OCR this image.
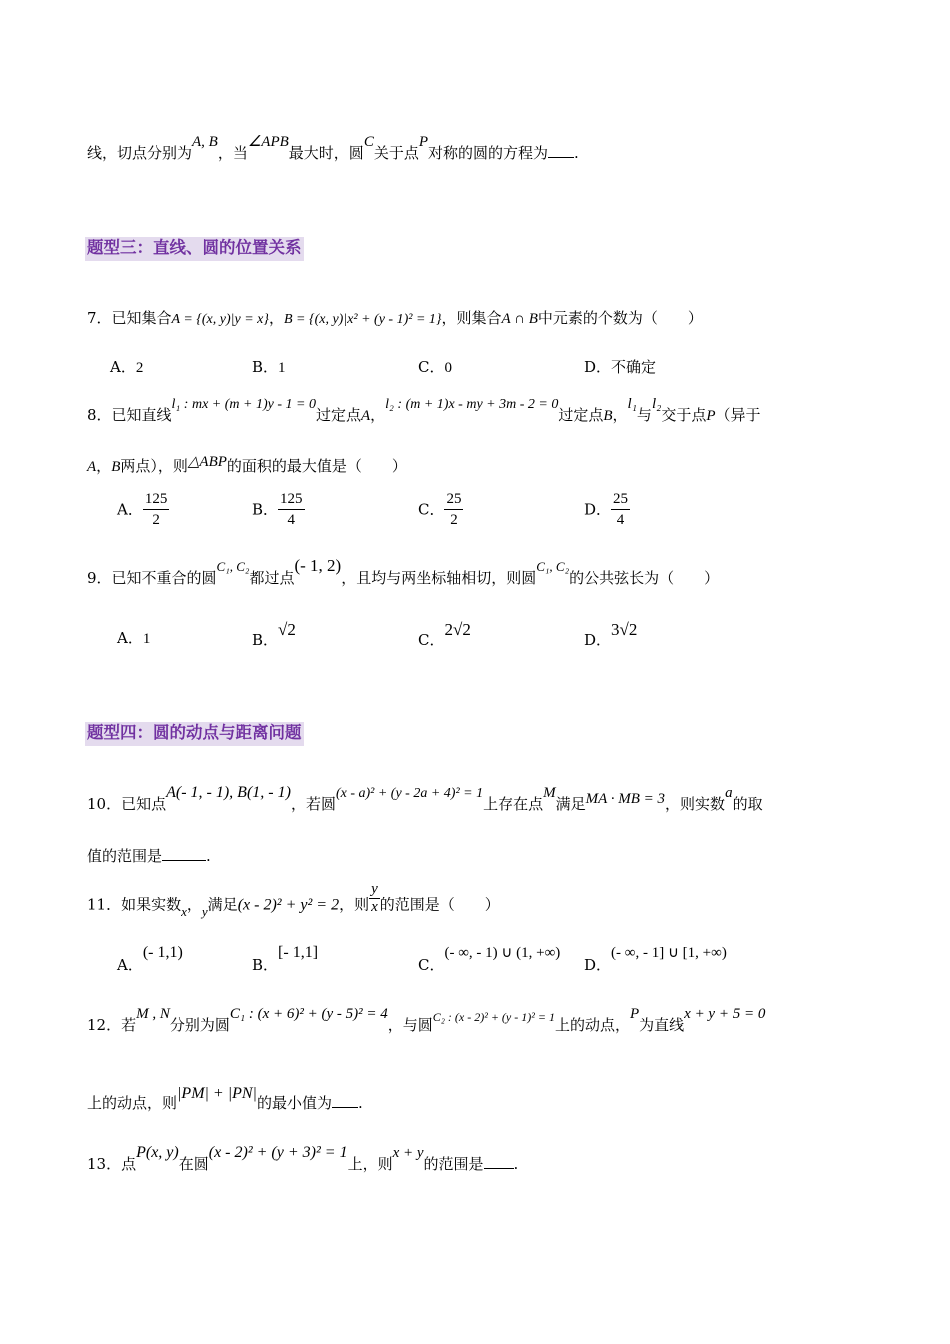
线，切点分别为A, B，当∠APB最大时，圆C关于点P对称的圆的方程为 .
题型三：直线、圆的位置关系
7．已知集合A = {(x, y)|y = x}，B = {(x, y)|x² + (y - 1)² = 1}，则集合A ∩ B中元素的个数为（　　）
A．2	B．1	C．0	D．不确定
8．已知直线l₁ : mx + (m + 1)y - 1 = 0过定点A，l₂ : (m + 1)x - my + 3m - 2 = 0过定点B，l₁与l₂交于点P（异于
A，B两点），则△ABP的面积的最大值是（　　）
A． $\frac{125}{2}$	B． $\frac{125}{4}$	C． $\frac{25}{2}$	D． $\frac{25}{4}$
9．已知不重合的圆C₁, C₂都过点(- 1, 2)，且均与两坐标轴相切，则圆C₁, C₂的公共弦长为（　　）
A．1	B．√2
C．2√2
D．3√2
题型四：圆的动点与距离问题
10．已知点A(- 1, - 1), B(1, - 1)，若圆(x - a)² + (y - 2a + 4)² = 1上存在点M满足MA · MB = 3，则实数a的取
值的范围是	.
11．如果实数x，y满足(x - 2)² + y² = 2，则 $\frac{y}{x}$ 的范围是（　　）
A．(- 1,1)
B．[- 1,1]
C．(- ∞, - 1) ∪ (1, +∞)
D．(- ∞, - 1] ∪ [1, +∞)
12．若M , N分别为圆C₁ : (x + 6)² + (y - 5)² = 4，与圆$^{C_2 : (x - 2)^2 + (y - 1)^2 = 1}$上的动点，P为直线x + y + 5 = 0
上的动点，则|PM| + |PN|的最小值为 .
13．点P(x, y)在圆(x - 2)² + (y + 3)² = 1上，则x + y的范围是 .
